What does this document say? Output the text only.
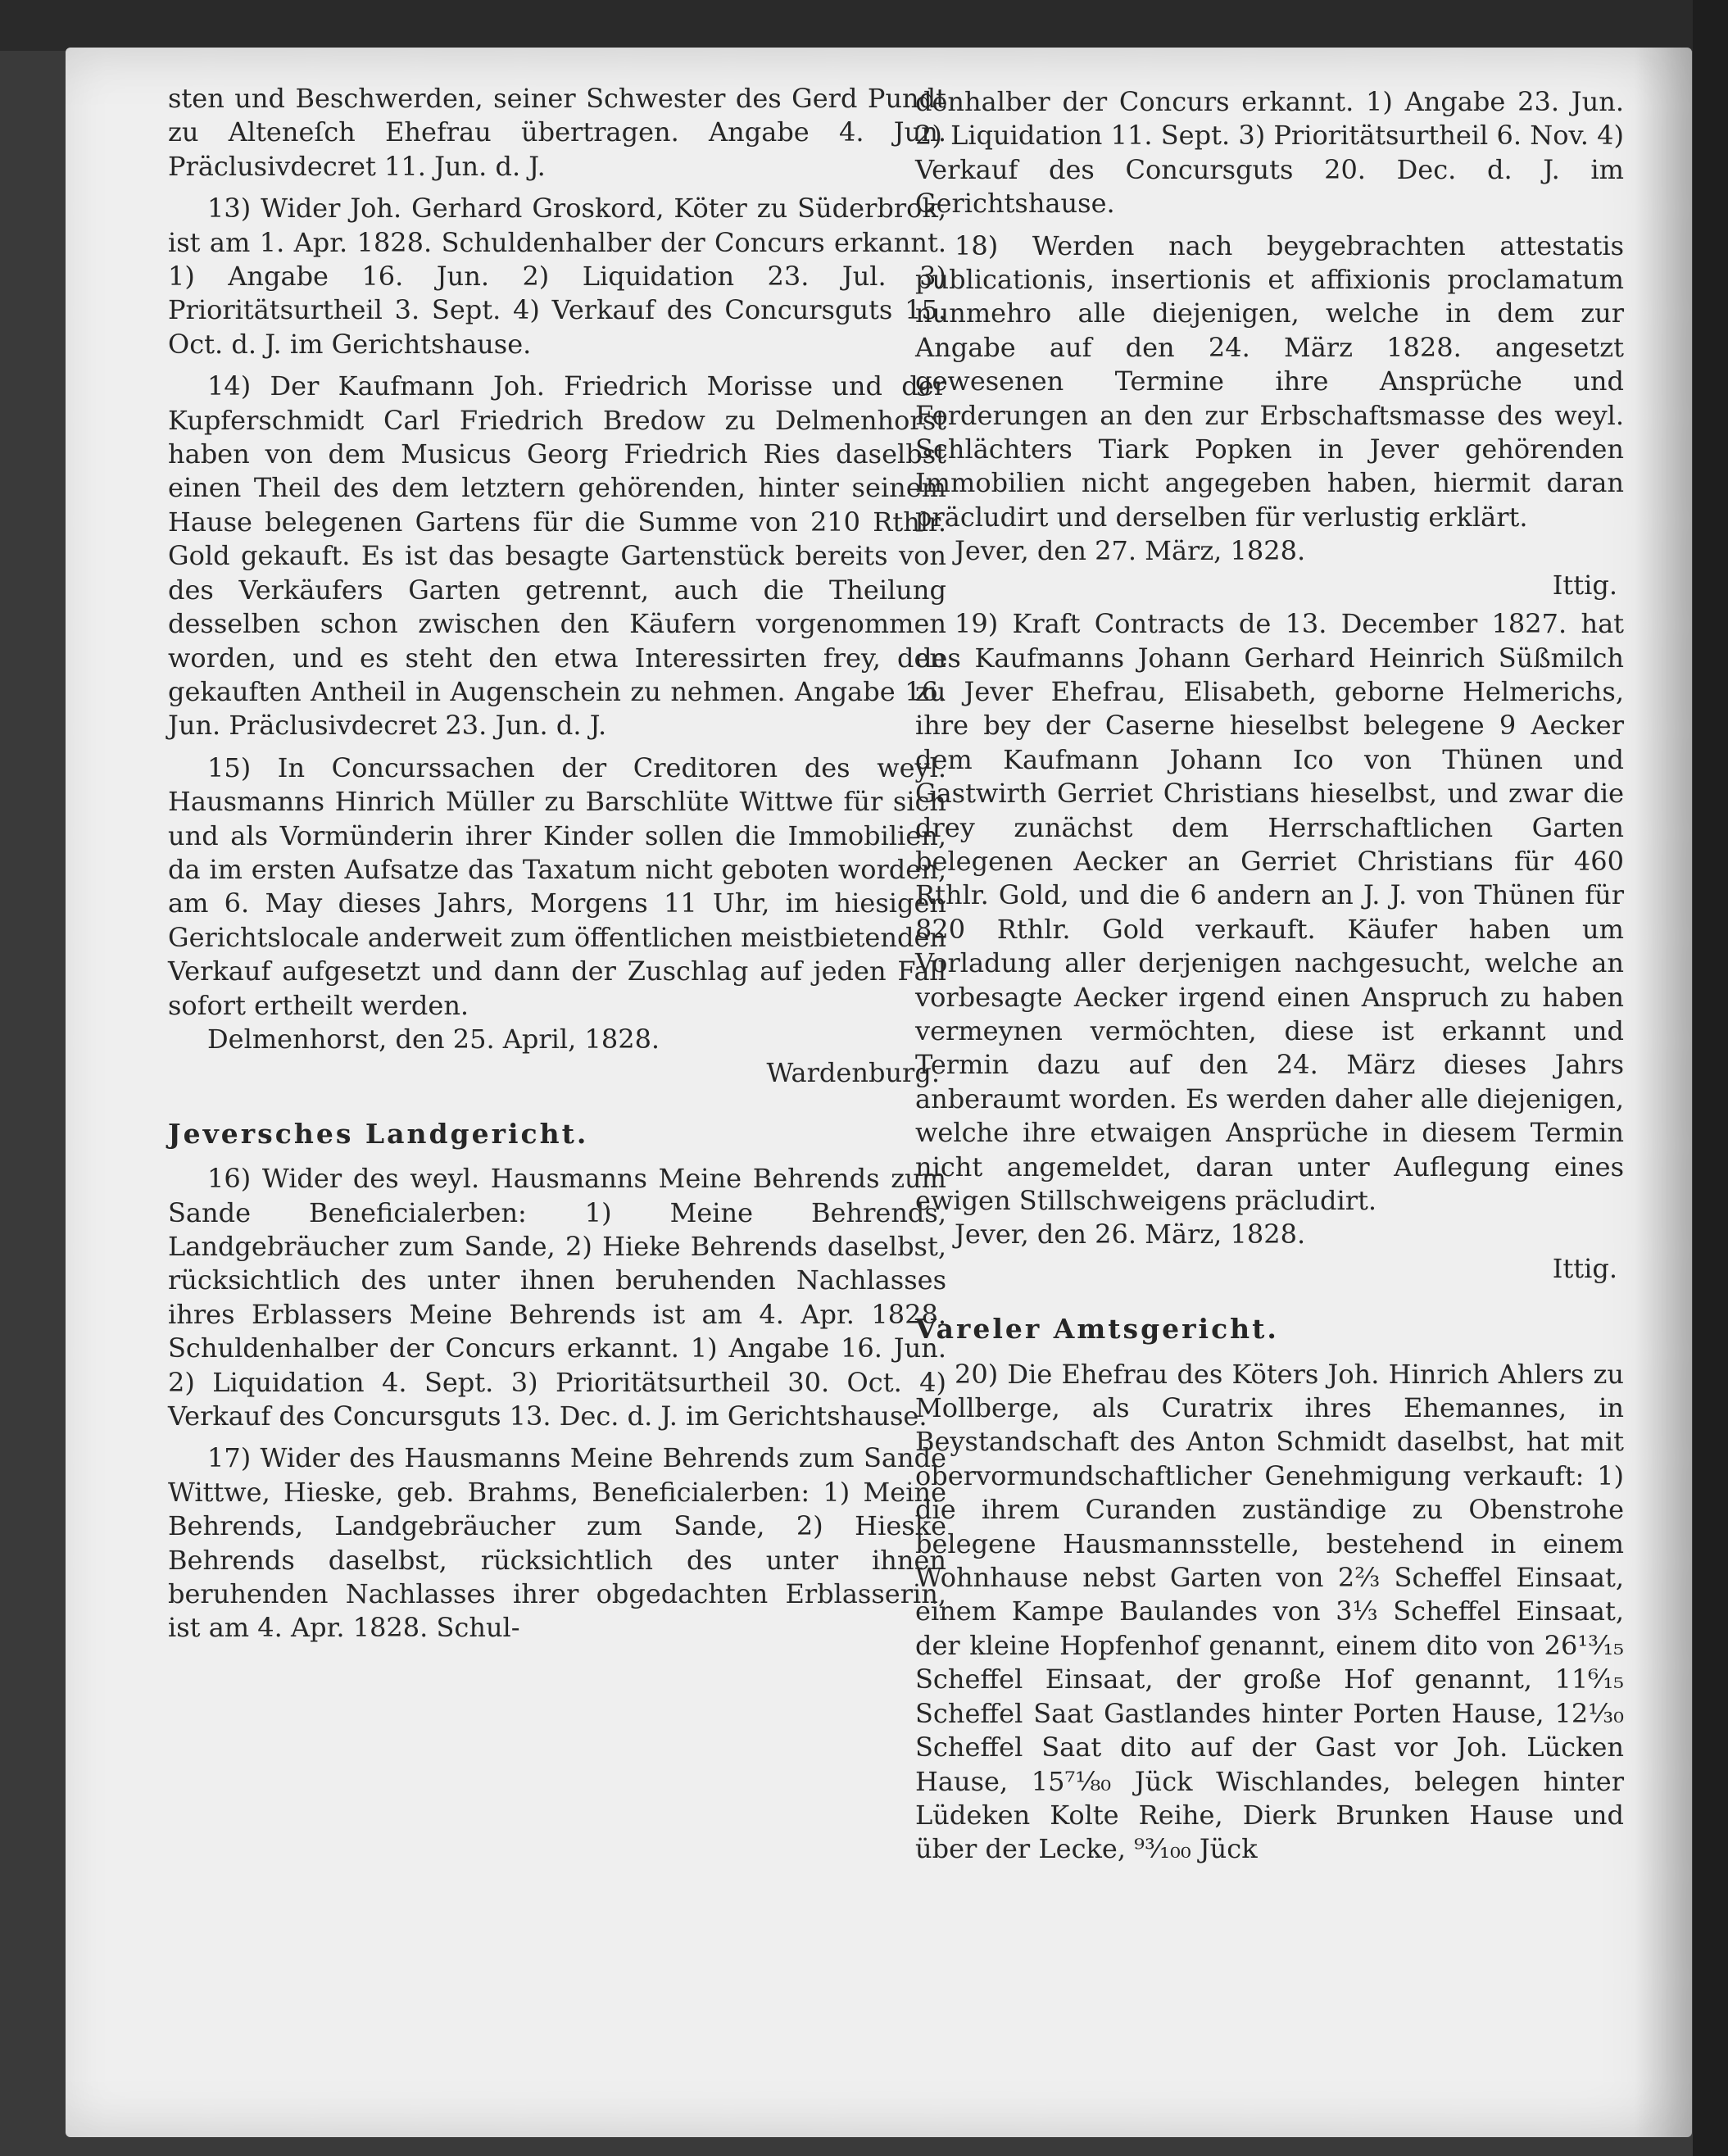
sten und Beschwerden, seiner Schwester des Gerd Pundt zu Alteneſch Ehefrau übertragen. Angabe 4. Jun. Präclusivdecret 11. Jun. d. J.

13) Wider Joh. Gerhard Groskord, Köter zu Süderbrok, ist am 1. Apr. 1828. Schuldenhalber der Concurs erkannt. 1) Angabe 16. Jun. 2) Liquidation 23. Jul. 3) Prioritätsurtheil 3. Sept. 4) Verkauf des Concursguts 15. Oct. d. J. im Gerichtshause.

14) Der Kaufmann Joh. Friedrich Morisse und der Kupferschmidt Carl Friedrich Bredow zu Delmenhorst haben von dem Musicus Georg Friedrich Ries daselbst einen Theil des dem letztern gehörenden, hinter seinem Hause belegenen Gartens für die Summe von 210 Rthlr. Gold gekauft. Es ist das besagte Gartenstück bereits von des Verkäufers Garten getrennt, auch die Theilung desselben schon zwischen den Käufern vorgenommen worden, und es steht den etwa Interessirten frey, den gekauften Antheil in Augenschein zu nehmen. Angabe 16. Jun. Präclusivdecret 23. Jun. d. J.

15) In Concurssachen der Creditoren des weyl. Hausmanns Hinrich Müller zu Barschlüte Wittwe für sich und als Vormünderin ihrer Kinder sollen die Immobilien, da im ersten Aufsatze das Taxatum nicht geboten worden, am 6. May dieses Jahrs, Morgens 11 Uhr, im hiesigen Gerichtslocale anderweit zum öffentlichen meistbietenden Verkauf aufgesetzt und dann der Zuschlag auf jeden Fall sofort ertheilt werden.

Delmenhorst, den 25. April, 1828.

Wardenburg.

Jeversches Landgericht.

16) Wider des weyl. Hausmanns Meine Behrends zum Sande Beneficialerben: 1) Meine Behrends, Landgebräucher zum Sande, 2) Hieke Behrends daselbst, rücksichtlich des unter ihnen beruhenden Nachlasses ihres Erblassers Meine Behrends ist am 4. Apr. 1828. Schuldenhalber der Concurs erkannt. 1) Angabe 16. Jun. 2) Liquidation 4. Sept. 3) Prioritätsurtheil 30. Oct. 4) Verkauf des Concursguts 13. Dec. d. J. im Gerichtshause.

17) Wider des Hausmanns Meine Behrends zum Sande Wittwe, Hieske, geb. Brahms, Beneficialerben: 1) Meine Behrends, Landgebräucher zum Sande, 2) Hieske Behrends daselbst, rücksichtlich des unter ihnen beruhenden Nachlasses ihrer obgedachten Erblasserin, ist am 4. Apr. 1828. Schul-

denhalber der Concurs erkannt. 1) Angabe 23. Jun. 2) Liquidation 11. Sept. 3) Prioritätsurtheil 6. Nov. 4) Verkauf des Concursguts 20. Dec. d. J. im Gerichtshause.

18) Werden nach beygebrachten attestatis publicationis, insertionis et affixionis proclamatum nunmehro alle diejenigen, welche in dem zur Angabe auf den 24. März 1828. angesetzt gewesenen Termine ihre Ansprüche und Forderungen an den zur Erbschaftsmasse des weyl. Schlächters Tiark Popken in Jever gehörenden Immobilien nicht angegeben haben, hiermit daran präcludirt und derselben für verlustig erklärt.

Jever, den 27. März, 1828.

Ittig.

19) Kraft Contracts de 13. December 1827. hat des Kaufmanns Johann Gerhard Heinrich Süßmilch zu Jever Ehefrau, Elisabeth, geborne Helmerichs, ihre bey der Caserne hieselbst belegene 9 Aecker dem Kaufmann Johann Ico von Thünen und Gastwirth Gerriet Christians hieselbst, und zwar die drey zunächst dem Herrschaftlichen Garten belegenen Aecker an Gerriet Christians für 460 Rthlr. Gold, und die 6 andern an J. J. von Thünen für 820 Rthlr. Gold verkauft. Käufer haben um Vorladung aller derjenigen nachgesucht, welche an vorbesagte Aecker irgend einen Anspruch zu haben vermeynen vermöchten, diese ist erkannt und Termin dazu auf den 24. März dieses Jahrs anberaumt worden. Es werden daher alle diejenigen, welche ihre etwaigen Ansprüche in diesem Termin nicht angemeldet, daran unter Auflegung eines ewigen Stillschweigens präcludirt.

Jever, den 26. März, 1828.

Ittig.

Vareler Amtsgericht.

20) Die Ehefrau des Köters Joh. Hinrich Ahlers zu Mollberge, als Curatrix ihres Ehemannes, in Beystandschaft des Anton Schmidt daselbst, hat mit obervormundschaftlicher Genehmigung verkauft: 1) die ihrem Curanden zuständige zu Obenstrohe belegene Hausmannsstelle, bestehend in einem Wohnhause nebst Garten von 2⅔ Scheffel Einsaat, einem Kampe Baulandes von 3⅓ Scheffel Einsaat, der kleine Hopfenhof genannt, einem dito von 26¹³⁄₁₅ Scheffel Einsaat, der große Hof genannt, 11⁶⁄₁₅ Scheffel Saat Gastlandes hinter Porten Hause, 12¹⁄₃₀ Scheffel Saat dito auf der Gast vor Joh. Lücken Hause, 15⁷¹⁄₈₀ Jück Wischlandes, belegen hinter Lüdeken Kolte Reihe, Dierk Brunken Hause und über der Lecke, ⁹³⁄₁₀₀ Jück
